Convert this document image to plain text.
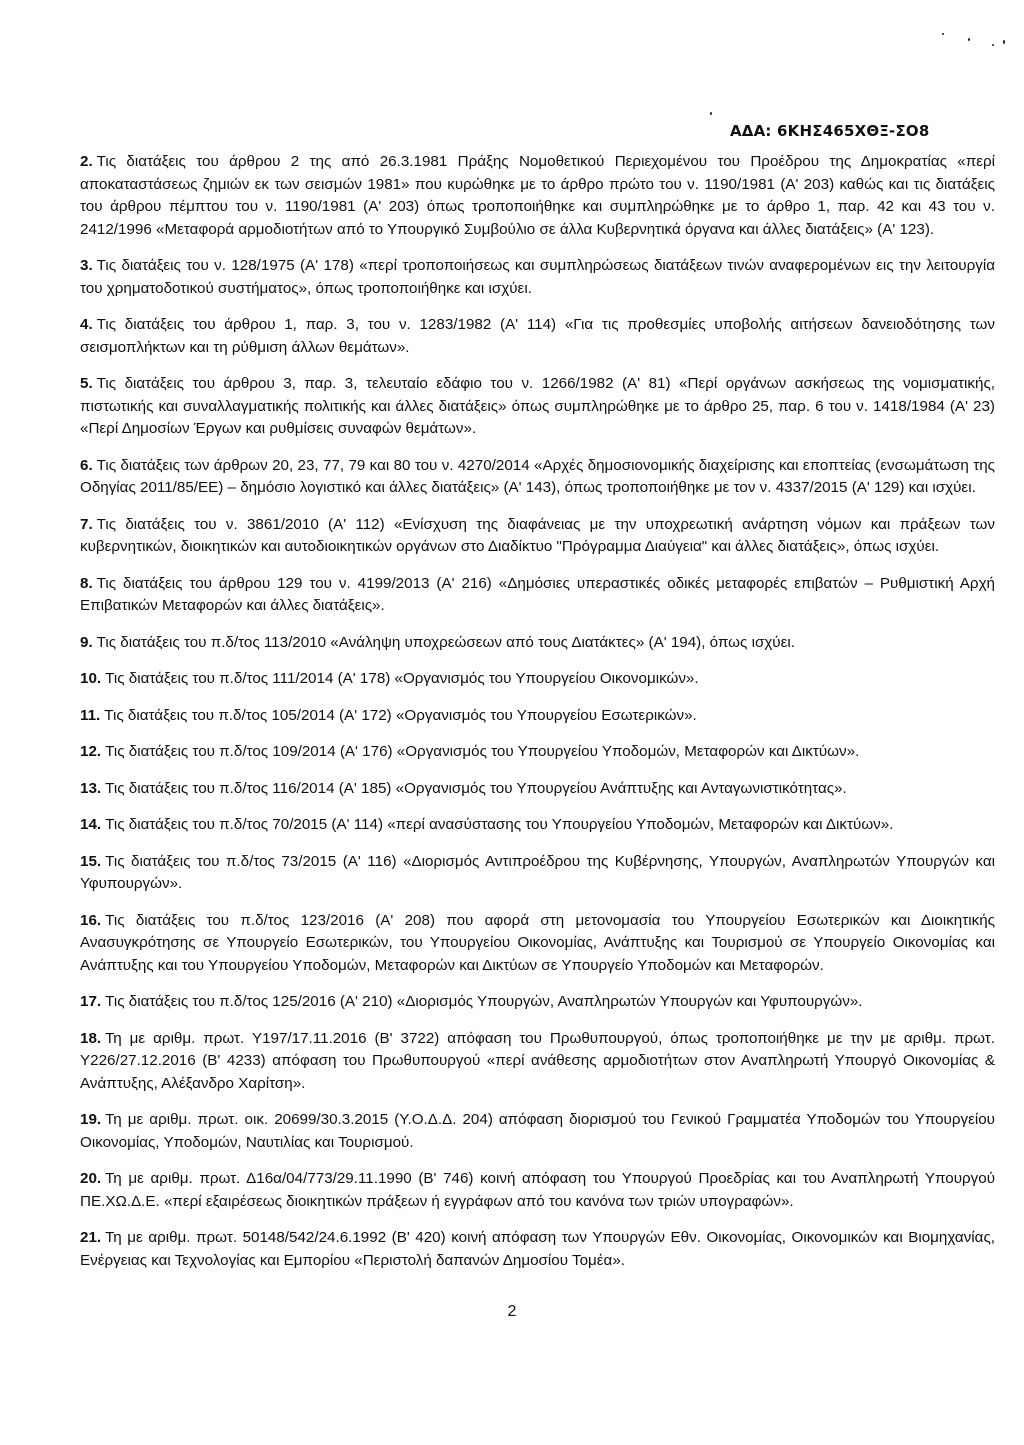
ΑΔΑ: 6ΚΗΣ465ΧΘΞ-ΣΟ8

2. Τις διατάξεις του άρθρου 2 της από 26.3.1981 Πράξης Νομοθετικού Περιεχομένου του Προέδρου της Δημοκρατίας «περί αποκαταστάσεως ζημιών εκ των σεισμών 1981» που κυρώθηκε με το άρθρο πρώτο του ν. 1190/1981 (Α' 203) καθώς και τις διατάξεις του άρθρου πέμπτου του ν. 1190/1981 (Α' 203) όπως τροποποιήθηκε και συμπληρώθηκε με το άρθρο 1, παρ. 42 και 43 του ν. 2412/1996 «Μεταφορά αρμοδιοτήτων από το Υπουργικό Συμβούλιο σε άλλα Κυβερνητικά όργανα και άλλες διατάξεις» (Α' 123).

3. Τις διατάξεις του ν. 128/1975 (Α' 178) «περί τροποποιήσεως και συμπληρώσεως διατάξεων τινών αναφερομένων εις την λειτουργία του χρηματοδοτικού συστήματος», όπως τροποποιήθηκε και ισχύει.

4. Τις διατάξεις του άρθρου 1, παρ. 3, του ν. 1283/1982 (Α' 114) «Για τις προθεσμίες υποβολής αιτήσεων δανειοδότησης των σεισμοπλήκτων και τη ρύθμιση άλλων θεμάτων».

5. Τις διατάξεις του άρθρου 3, παρ. 3, τελευταίο εδάφιο του ν. 1266/1982 (Α' 81) «Περί οργάνων ασκήσεως της νομισματικής, πιστωτικής και συναλλαγματικής πολιτικής και άλλες διατάξεις» όπως συμπληρώθηκε με το άρθρο 25, παρ. 6 του ν. 1418/1984 (Α' 23) «Περί Δημοσίων Έργων και ρυθμίσεις συναφών θεμάτων».

6. Τις διατάξεις των άρθρων 20, 23, 77, 79 και 80 του ν. 4270/2014 «Αρχές δημοσιονομικής διαχείρισης και εποπτείας (ενσωμάτωση της Οδηγίας 2011/85/ΕΕ) – δημόσιο λογιστικό και άλλες διατάξεις» (Α' 143), όπως τροποποιήθηκε με τον ν. 4337/2015 (Α' 129) και ισχύει.

7. Τις διατάξεις του ν. 3861/2010 (Α' 112) «Ενίσχυση της διαφάνειας με την υποχρεωτική ανάρτηση νόμων και πράξεων των κυβερνητικών, διοικητικών και αυτοδιοικητικών οργάνων στο Διαδίκτυο "Πρόγραμμα Διαύγεια" και άλλες διατάξεις», όπως ισχύει.

8. Τις διατάξεις του άρθρου 129 του ν. 4199/2013 (Α' 216) «Δημόσιες υπεραστικές οδικές μεταφορές επιβατών – Ρυθμιστική Αρχή Επιβατικών Μεταφορών και άλλες διατάξεις».

9. Τις διατάξεις του π.δ/τος 113/2010 «Ανάληψη υποχρεώσεων από τους Διατάκτες» (Α' 194), όπως ισχύει.

10. Τις διατάξεις του π.δ/τος 111/2014 (Α' 178) «Οργανισμός του Υπουργείου Οικονομικών».

11. Τις διατάξεις του π.δ/τος 105/2014 (Α' 172) «Οργανισμός του Υπουργείου Εσωτερικών».

12. Τις διατάξεις του π.δ/τος 109/2014 (Α' 176) «Οργανισμός του Υπουργείου Υποδομών, Μεταφορών και Δικτύων».

13. Τις διατάξεις του π.δ/τος 116/2014 (Α' 185) «Οργανισμός του Υπουργείου Ανάπτυξης και Ανταγωνιστικότητας».

14. Τις διατάξεις του π.δ/τος 70/2015 (Α' 114) «περί ανασύστασης του Υπουργείου Υποδομών, Μεταφορών και Δικτύων».

15. Τις διατάξεις του π.δ/τος 73/2015 (Α' 116) «Διορισμός Αντιπροέδρου της Κυβέρνησης, Υπουργών, Αναπληρωτών Υπουργών και Υφυπουργών».

16. Τις διατάξεις του π.δ/τος 123/2016 (Α' 208) που αφορά στη μετονομασία του Υπουργείου Εσωτερικών και Διοικητικής Ανασυγκρότησης σε Υπουργείο Εσωτερικών, του Υπουργείου Οικονομίας, Ανάπτυξης και Τουρισμού σε Υπουργείο Οικονομίας και Ανάπτυξης και του Υπουργείου Υποδομών, Μεταφορών και Δικτύων σε Υπουργείο Υποδομών και Μεταφορών.

17. Τις διατάξεις του π.δ/τος 125/2016 (Α' 210) «Διορισμός Υπουργών, Αναπληρωτών Υπουργών και Υφυπουργών».

18. Τη με αριθμ. πρωτ. Υ197/17.11.2016 (Β' 3722) απόφαση του Πρωθυπουργού, όπως τροποποιήθηκε με την με αριθμ. πρωτ. Υ226/27.12.2016 (Β' 4233) απόφαση του Πρωθυπουργού «περί ανάθεσης αρμοδιοτήτων στον Αναπληρωτή Υπουργό Οικονομίας & Ανάπτυξης, Αλέξανδρο Χαρίτση».

19. Τη με αριθμ. πρωτ. οικ. 20699/30.3.2015 (Υ.Ο.Δ.Δ. 204) απόφαση διορισμού του Γενικού Γραμματέα Υποδομών του Υπουργείου Οικονομίας, Υποδομών, Ναυτιλίας και Τουρισμού.

20. Τη με αριθμ. πρωτ. Δ16α/04/773/29.11.1990 (Β' 746) κοινή απόφαση του Υπουργού Προεδρίας και του Αναπληρωτή Υπουργού ΠΕ.ΧΩ.Δ.Ε. «περί εξαιρέσεως διοικητικών πράξεων ή εγγράφων από του κανόνα των τριών υπογραφών».

21. Τη με αριθμ. πρωτ. 50148/542/24.6.1992 (Β' 420) κοινή απόφαση των Υπουργών Εθν. Οικονομίας, Οικονομικών και Βιομηχανίας, Ενέργειας και Τεχνολογίας και Εμπορίου «Περιστολή δαπανών Δημοσίου Τομέα».

2
